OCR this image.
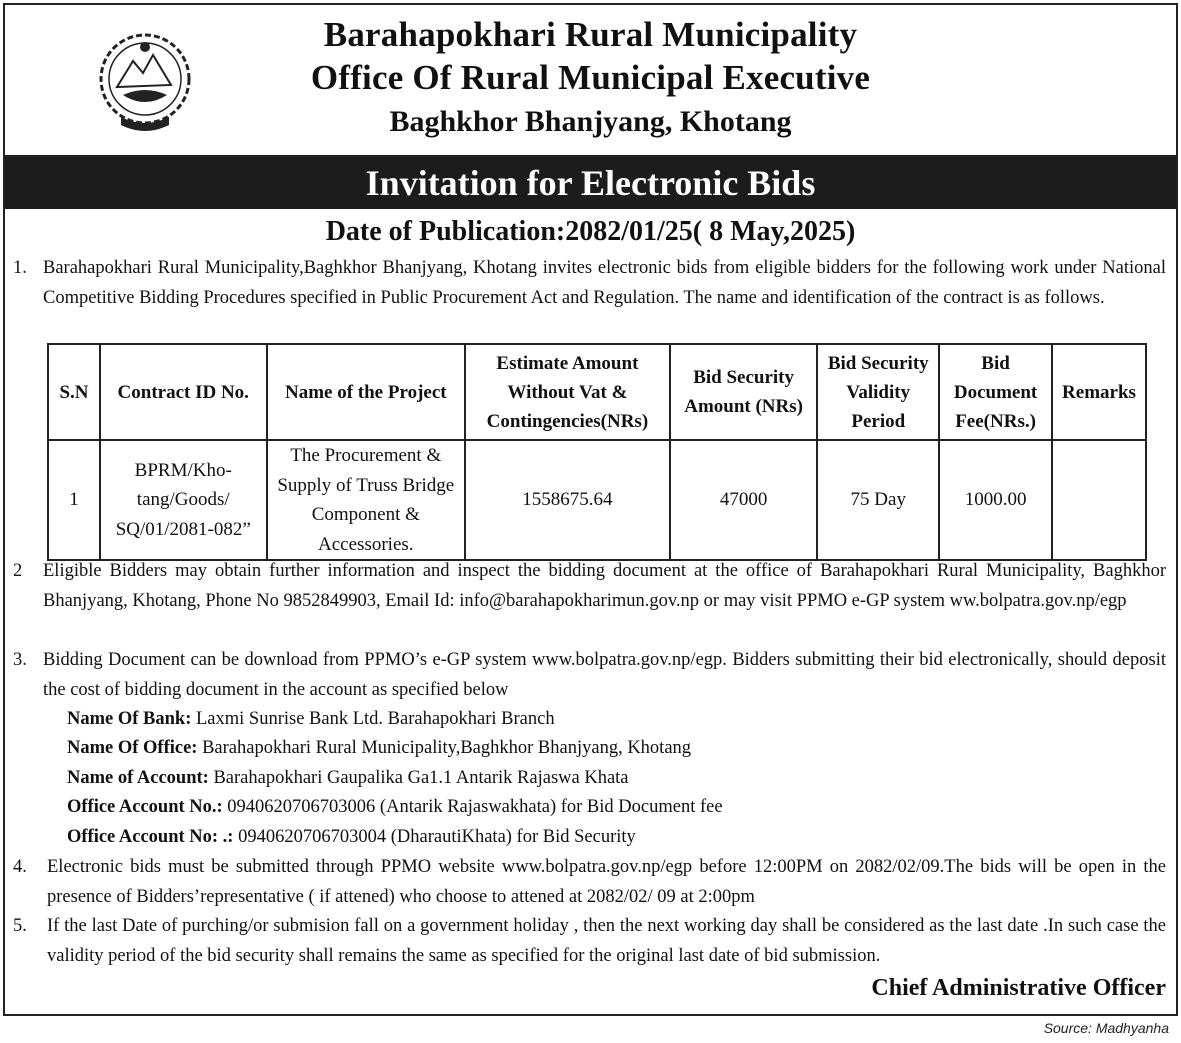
Barahapokhari Rural Municipality
Office Of Rural Municipal Executive
Baghkhor Bhanjyang, Khotang
Invitation for Electronic Bids
Date of Publication:2082/01/25( 8 May,2025)
1. Barahapokhari Rural Municipality,Baghkhor Bhanjyang, Khotang invites electronic bids from eligible bidders for the following work under National Competitive Bidding Procedures specified in Public Procurement Act and Regulation. The name and identification of the contract is as follows.
S.N	Contract ID No.	Name of the Project	Estimate Amount Without Vat & Contingencies(NRs)	Bid Security Amount (NRs)	Bid Security Validity Period	Bid Document Fee(NRs.)	Remarks
1	BPRM/Kho-tang/Goods/ SQ/01/2081-082”	The Procurement & Supply of Truss Bridge Component & Accessories.	1558675.64	47000	75 Day	1000.00	
2 Eligible Bidders may obtain further information and inspect the bidding document at the office of Barahapokhari Rural Municipality, Baghkhor Bhanjyang, Khotang, Phone No 9852849903, Email Id: info@barahapokharimun.gov.np or may visit PPMO e-GP system ww.bolpatra.gov.np/egp
3. Bidding Document can be download from PPMO’s e-GP system www.bolpatra.gov.np/egp. Bidders submitting their bid electronically, should deposit the cost of bidding document in the account as specified below
Name Of Bank: Laxmi Sunrise Bank Ltd. Barahapokhari Branch
Name Of Office: Barahapokhari Rural Municipality,Baghkhor Bhanjyang, Khotang
Name of Account: Barahapokhari Gaupalika Ga1.1 Antarik Rajaswa Khata
Office Account No.: 0940620706703006 (Antarik Rajaswakhata) for Bid Document fee
Office Account No: .: 0940620706703004 (DharautiKhata) for Bid Security
4. Electronic bids must be submitted through PPMO website www.bolpatra.gov.np/egp before 12:00PM on 2082/02/09.The bids will be open in the presence of Bidders’representative ( if attened) who choose to attened at 2082/02/ 09 at 2:00pm
5. If the last Date of purching/or submision fall on a government holiday , then the next working day shall be considered as the last date .In such case the validity period of the bid security shall remains the same as specified for the original last date of bid submission.
Chief Administrative Officer
Source: Madhyanha
